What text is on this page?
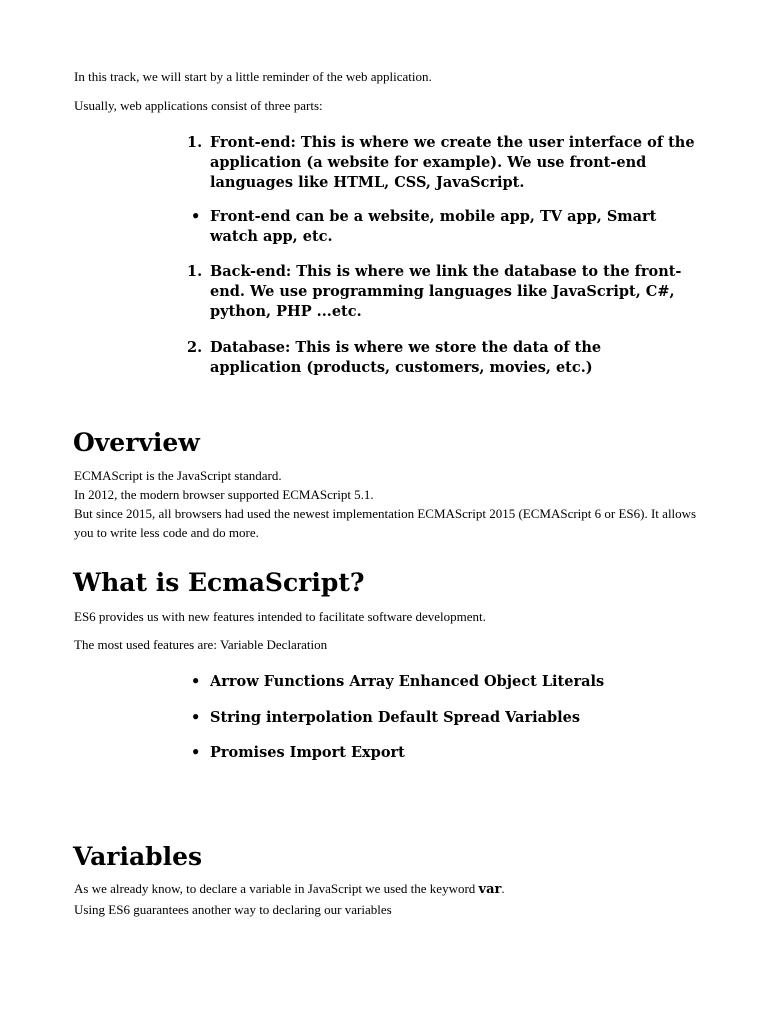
In this track, we will start by a little reminder of the web application.

Usually, web applications consist of three parts:

1. Front-end: This is where we create the user interface of the application (a website for example). We use front-end languages like HTML, CSS, JavaScript.
• Front-end can be a website, mobile app, TV app, Smart watch app, etc.
1. Back-end: This is where we link the database to the front-end. We use programming languages like JavaScript, C#, python, PHP ...etc.
2. Database: This is where we store the data of the application (products, customers, movies, etc.)
Overview

ECMAScript is the JavaScript standard.

In 2012, the modern browser supported ECMAScript 5.1.

But since 2015, all browsers had used the newest implementation ECMAScript 2015 (ECMAScript 6 or ES6). It allows you to write less code and do more.

What is EcmaScript?

ES6 provides us with new features intended to facilitate software development.

The most used features are: Variable Declaration

• Arrow Functions Array Enhanced Object Literals
• String interpolation Default Spread Variables
• Promises Import Export
Variables

As we already know, to declare a variable in JavaScript we used the keyword var.

Using ES6 guarantees another way to declaring our variables
